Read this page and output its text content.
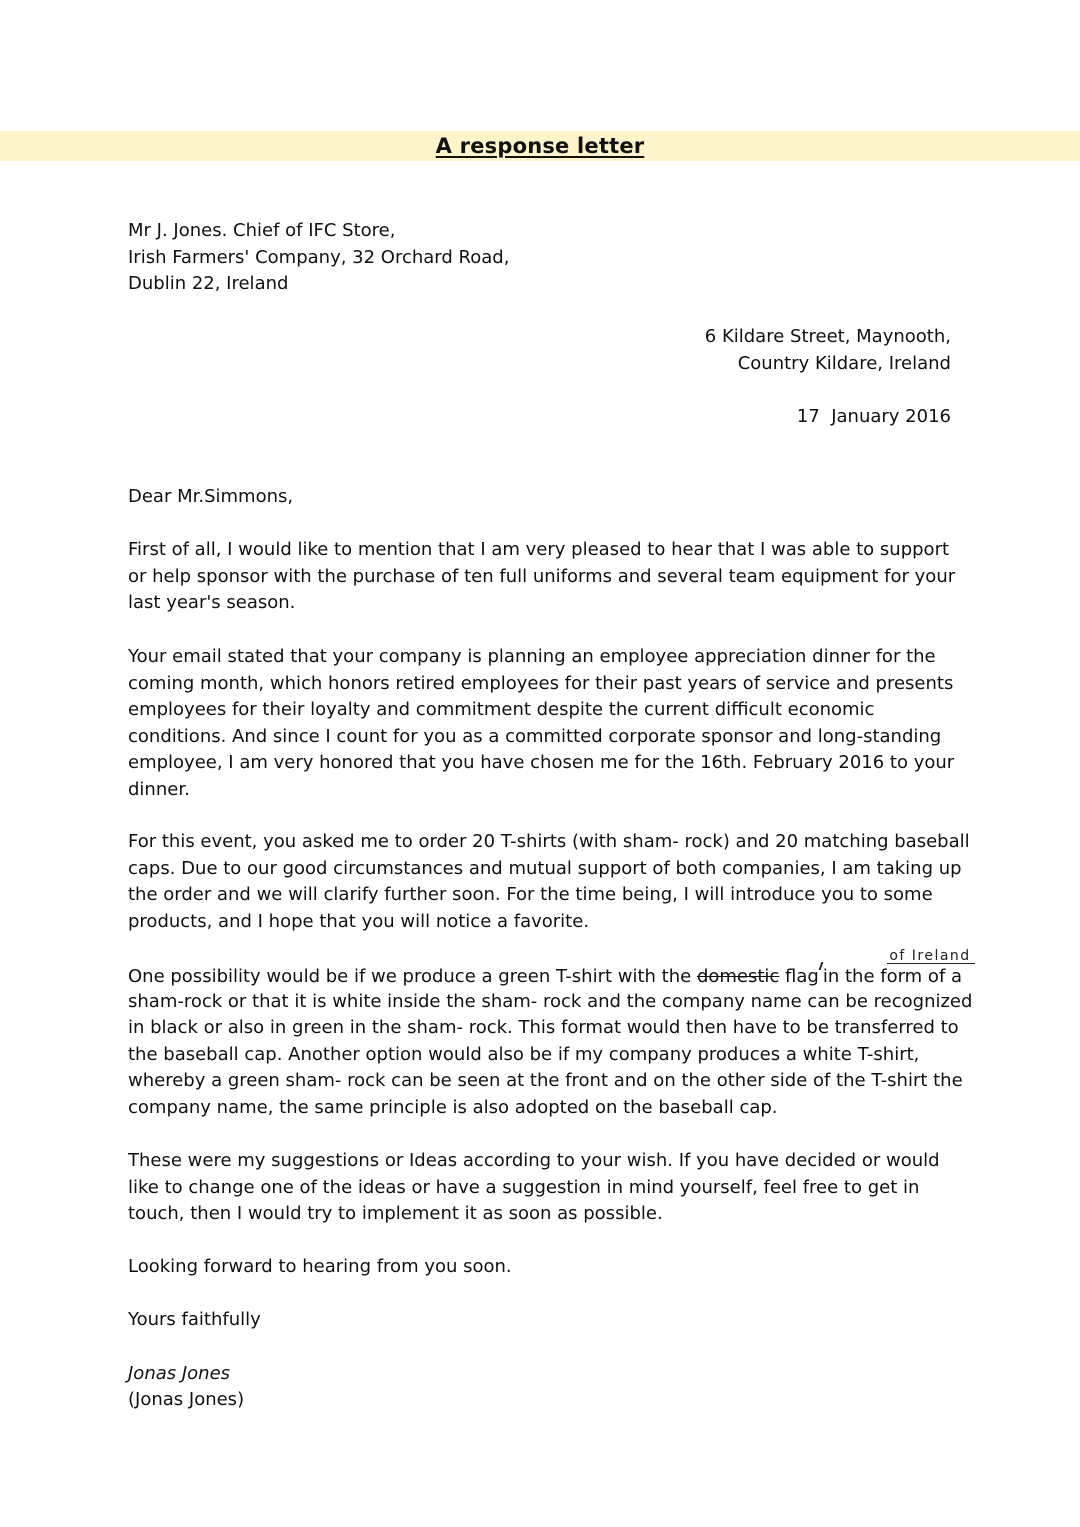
A response letter
Mr J. Jones. Chief of IFC Store,
Irish Farmers' Company, 32 Orchard Road,
Dublin 22, Ireland
6 Kildare Street, Maynooth,
Country Kildare, Ireland
17  January 2016
Dear Mr.Simmons,
First of all, I would like to mention that I am very pleased to hear that I was able to support
or help sponsor with the purchase of ten full uniforms and several team equipment for your
last year's season.
Your email stated that your company is planning an employee appreciation dinner for the
coming month, which honors retired employees for their past years of service and presents
employees for their loyalty and commitment despite the current difficult economic
conditions. And since I count for you as a committed corporate sponsor and long-standing
employee, I am very honored that you have chosen me for the 16th. February 2016 to your
dinner.
For this event, you asked me to order 20 T-shirts (with sham- rock) and 20 matching baseball
caps. Due to our good circumstances and mutual support of both companies, I am taking up
the order and we will clarify further soon. For the time being, I will introduce you to some
products, and I hope that you will notice a favorite.
One possibility would be if we produce a green T-shirt with the domestic flag
of Ireland
in the form of a
sham-rock or that it is white inside the sham- rock and the company name can be recognized
in black or also in green in the sham- rock. This format would then have to be transferred to
the baseball cap. Another option would also be if my company produces a white T-shirt,
whereby a green sham- rock can be seen at the front and on the other side of the T-shirt the
company name, the same principle is also adopted on the baseball cap.
These were my suggestions or Ideas according to your wish. If you have decided or would
like to change one of the ideas or have a suggestion in mind yourself, feel free to get in
touch, then I would try to implement it as soon as possible.
Looking forward to hearing from you soon.
Yours faithfully
Jonas Jones
(Jonas Jones)
